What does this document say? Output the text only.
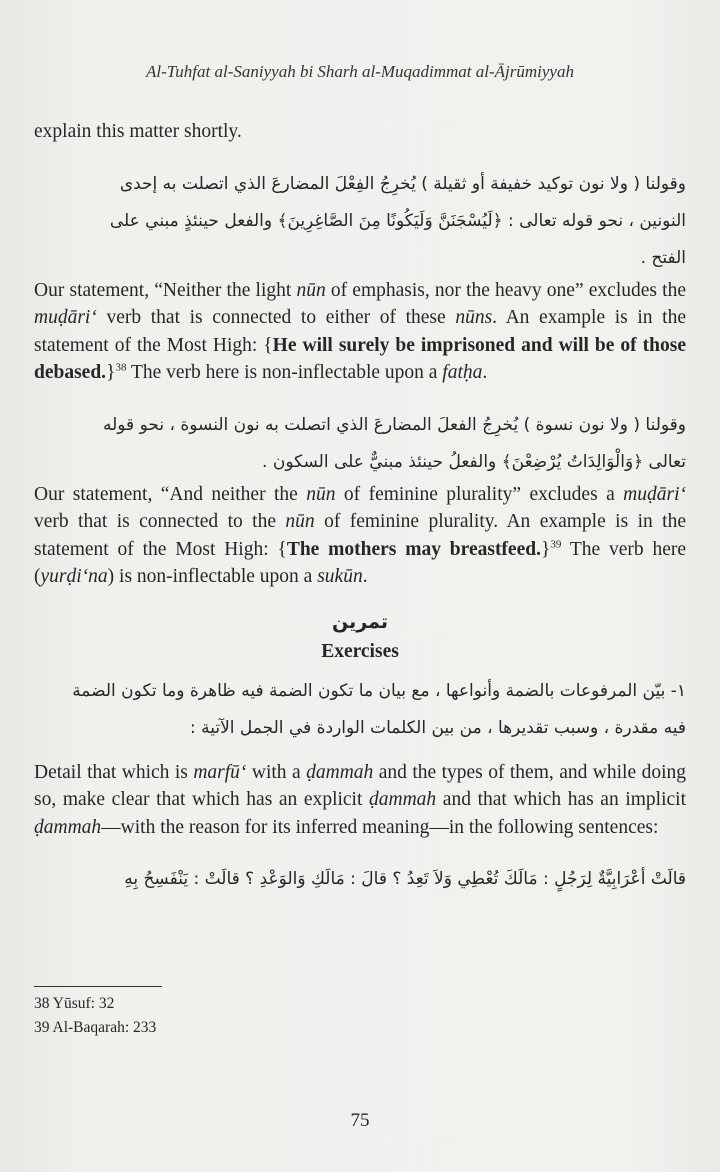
Al-Tuhfat al-Saniyyah bi Sharh al-Muqadimmat al-Ājrūmiyyah

explain this matter shortly.

وقولنا ( ولا نون توكيد خفيفة أو ثقيلة ) يُخرِجُ الفِعْلَ المضارعَ الذي اتصلت به إحدى

النونين ، نحو قوله تعالى : ﴿لَيُسْجَنَنَّ وَلَيَكُونًا مِنَ الصَّاغِرِينَ﴾ والفعل حينئذٍ مبني على

الفتح .

Our statement, “Neither the light nūn of emphasis, nor the heavy one” excludes the muḍāri‘ verb that is connected to either of these nūns. An example is in the statement of the Most High: {He will surely be imprisoned and will be of those debased.}$^{38}$ The verb here is non-inflectable upon a fatḥa.

وقولنا ( ولا نون نسوة ) يُخرِجُ الفعلَ المضارعَ الذي اتصلت به نون النسوة ، نحو قوله

تعالى ﴿وَالْوَالِدَاتُ يُرْضِعْنَ﴾ والفعلُ حينئذ مبنيٌّ على السكون .

Our statement, “And neither the nūn of feminine plurality” excludes a muḍāri‘ verb that is connected to the nūn of feminine plurality. An example is in the statement of the Most High: {The mothers may breastfeed.}$^{39}$ The verb here (yurḍi‘na) is non-inflectable upon a sukūn.

تمرين
Exercises

١- بيّن المرفوعات بالضمة وأنواعها ، مع بيان ما تكون الضمة فيه ظاهرة وما تكون الضمة

فيه مقدرة ، وسبب تقديرها ، من بين الكلمات الواردة في الجمل الآتية :

Detail that which is marfū‘ with a ḍammah and the types of them, and while doing so, make clear that which has an explicit ḍammah and that which has an implicit ḍammah—with the reason for its inferred meaning—in the following sentences:

قالَتْ أعْرَابِيَّةٌ لِرَجُلٍ : مَالَكَ تُعْطِي وَلاَ تَعِدُ ؟ قالَ : مَالَكِ وَالوَعْدِ ؟ قالَتْ : يَنْفَسِحُ بِهِ

38 Yūsuf: 32
39 Al-Baqarah: 233
75
